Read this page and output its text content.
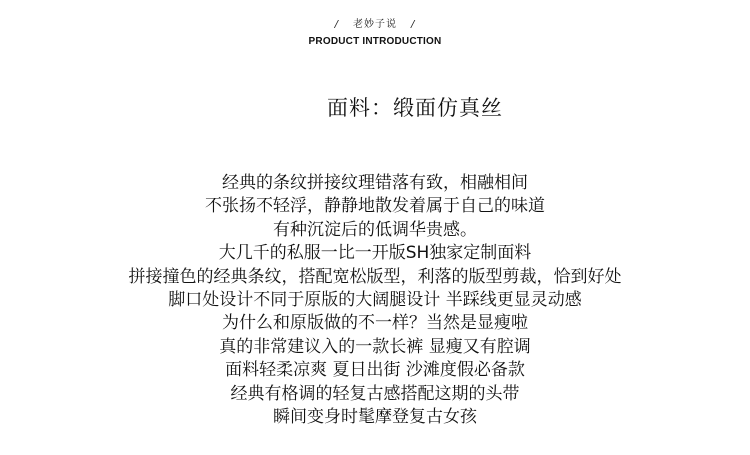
/ 老妙子说 /
PRODUCT INTRODUCTION
面料：缎面仿真丝
经典的条纹拼接纹理错落有致，相融相间
不张扬不轻浮，静静地散发着属于自己的味道
有种沉淀后的低调华贵感。
大几千的私服一比一开版SH独家定制面料
拼接撞色的经典条纹，搭配宽松版型，利落的版型剪裁，恰到好处
脚口处设计不同于原版的大阔腿设计 半踩线更显灵动感
为什么和原版做的不一样？当然是显瘦啦
真的非常建议入的一款长裤 显瘦又有腔调
面料轻柔凉爽 夏日出街 沙滩度假必备款
经典有格调的轻复古感搭配这期的头带
瞬间变身时髦摩登复古女孩
